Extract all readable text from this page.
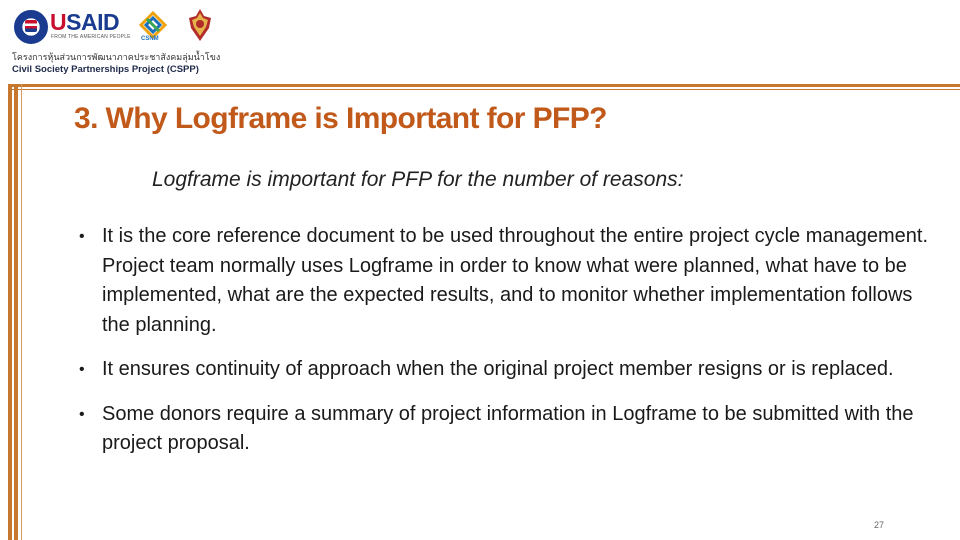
USAID
FROM THE AMERICAN PEOPLE CSNM
โครงการหุ้นส่วนการพัฒนาภาคประชาสังคมลุ่มน้ำโขง
Civil Society Partnerships Project (CSPP)
3. Why Logframe is Important for PFP?

Logframe is important for PFP for the number of reasons:

• It is the core reference document to be used throughout the entire project cycle management. Project team normally uses Logframe in order to know what were planned, what have to be implemented, what are the expected results, and to monitor whether implementation follows the planning.
• It ensures continuity of approach when the original project member resigns or is replaced.
• Some donors require a summary of project information in Logframe to be submitted with the project proposal.
27
